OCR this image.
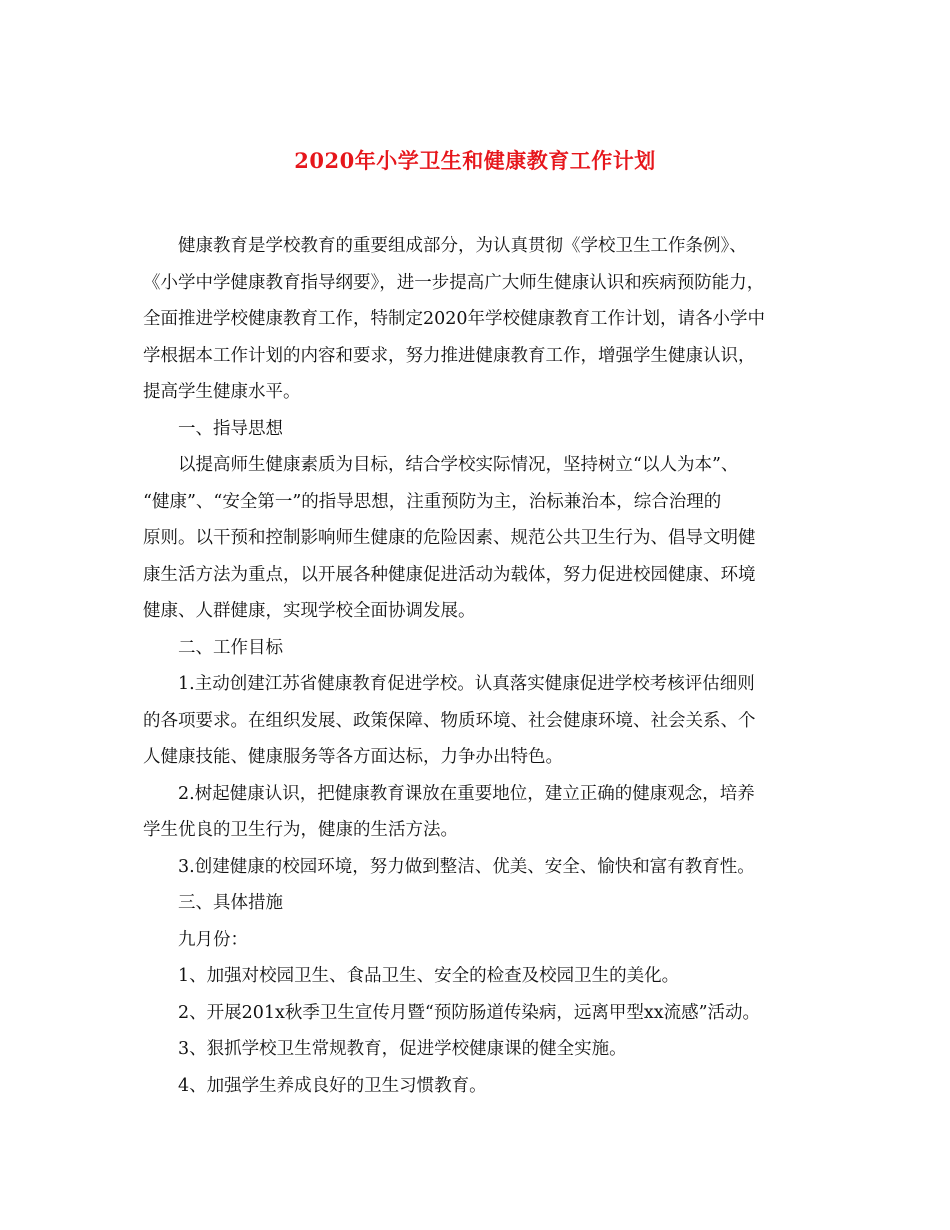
2020年小学卫生和健康教育工作计划
健康教育是学校教育的重要组成部分，为认真贯彻《学校卫生工作条例》、
《小学中学健康教育指导纲要》，进一步提高广大师生健康认识和疾病预防能力，
全面推进学校健康教育工作，特制定2020年学校健康教育工作计划，请各小学中
学根据本工作计划的内容和要求，努力推进健康教育工作，增强学生健康认识，
提高学生健康水平。
一、指导思想
以提高师生健康素质为目标，结合学校实际情况，坚持树立“以人为本”、
“健康”、“安全第一”的指导思想，注重预防为主，治标兼治本，综合治理的
原则。以干预和控制影响师生健康的危险因素、规范公共卫生行为、倡导文明健
康生活方法为重点，以开展各种健康促进活动为载体，努力促进校园健康、环境
健康、人群健康，实现学校全面协调发展。
二、工作目标
1.主动创建江苏省健康教育促进学校。认真落实健康促进学校考核评估细则
的各项要求。在组织发展、政策保障、物质环境、社会健康环境、社会关系、个
人健康技能、健康服务等各方面达标，力争办出特色。
2.树起健康认识，把健康教育课放在重要地位，建立正确的健康观念，培养
学生优良的卫生行为，健康的生活方法。
3.创建健康的校园环境，努力做到整洁、优美、安全、愉快和富有教育性。
三、具体措施
九月份：
1、加强对校园卫生、食品卫生、安全的检查及校园卫生的美化。
2、开展201x秋季卫生宣传月暨“预防肠道传染病，远离甲型xx流感”活动。
3、狠抓学校卫生常规教育，促进学校健康课的健全实施。
4、加强学生养成良好的卫生习惯教育。
